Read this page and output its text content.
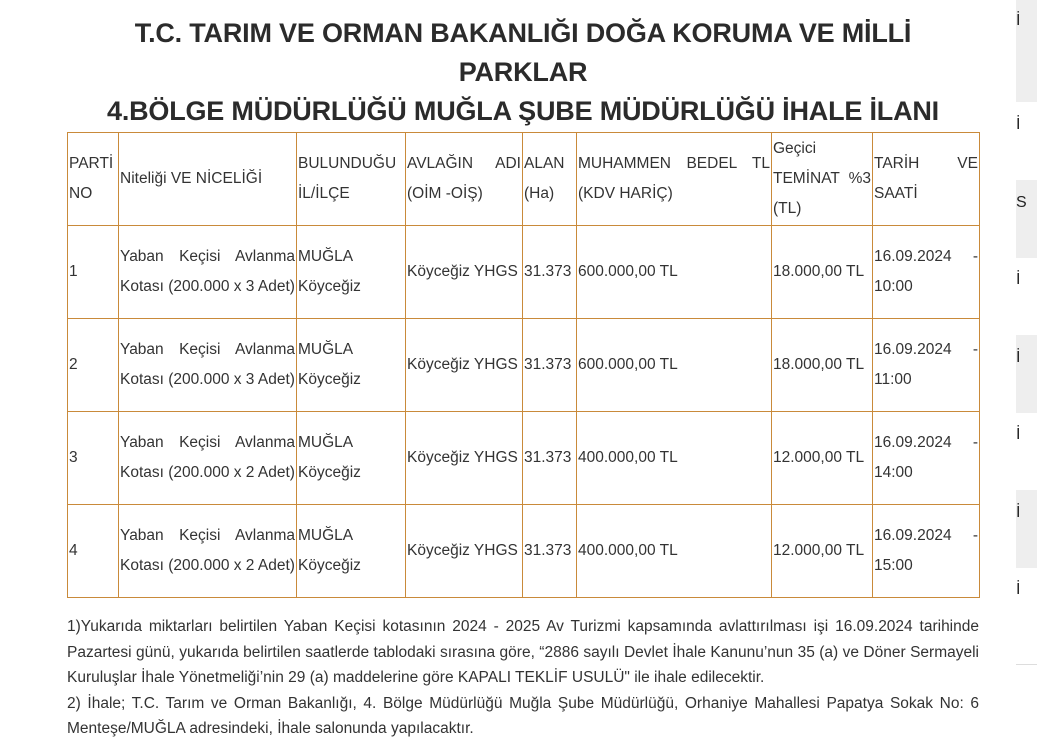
T.C. TARIM VE ORMAN BAKANLIĞI DOĞA KORUMA VE MİLLİ PARKLAR
4.BÖLGE MÜDÜRLÜĞÜ MUĞLA ŞUBE MÜDÜRLÜĞÜ İHALE İLANI
PARTİ NO	Niteliği VE NİCELİĞİ	BULUNDUĞU İL/İLÇE	AVLAĞIN ADI (OİM -OİŞ)	ALAN (Ha)	MUHAMMEN BEDEL TL (KDV HARİÇ)	Geçici TEMİNAT %3 (TL)	TARİH VE SAATİ
1	Yaban Keçisi Avlanma Kotası (200.000 x 3 Adet)	MUĞLA Köyceğiz	Köyceğiz YHGS	31.373	600.000,00 TL	18.000,00 TL	16.09.2024 - 10:00
2	Yaban Keçisi Avlanma Kotası (200.000 x 3 Adet)	MUĞLA Köyceğiz	Köyceğiz YHGS	31.373	600.000,00 TL	18.000,00 TL	16.09.2024 - 11:00
3	Yaban Keçisi Avlanma Kotası (200.000 x 2 Adet)	MUĞLA Köyceğiz	Köyceğiz YHGS	31.373	400.000,00 TL	12.000,00 TL	16.09.2024 - 14:00
4	Yaban Keçisi Avlanma Kotası (200.000 x 2 Adet)	MUĞLA Köyceğiz	Köyceğiz YHGS	31.373	400.000,00 TL	12.000,00 TL	16.09.2024 - 15:00

1)Yukarıda miktarları belirtilen Yaban Keçisi kotasının 2024 - 2025 Av Turizmi kapsamında avlattırılması işi 16.09.2024 tarihinde Pazartesi günü, yukarıda belirtilen saatlerde tablodaki sırasına göre, “2886 sayılı Devlet İhale Kanunu’nun 35 (a) ve Döner Sermayeli Kuruluşlar İhale Yönetmeliği’nin 29 (a) maddelerine göre KAPALI TEKLİF USULÜ" ile ihale edilecektir.

2) İhale; T.C. Tarım ve Orman Bakanlığı, 4. Bölge Müdürlüğü Muğla Şube Müdürlüğü, Orhaniye Mahallesi Papatya Sokak No: 6 Menteşe/MUĞLA adresindeki, İhale salonunda yapılacaktır.

İ
İ
S
İ
İ
İ
İ
İ
